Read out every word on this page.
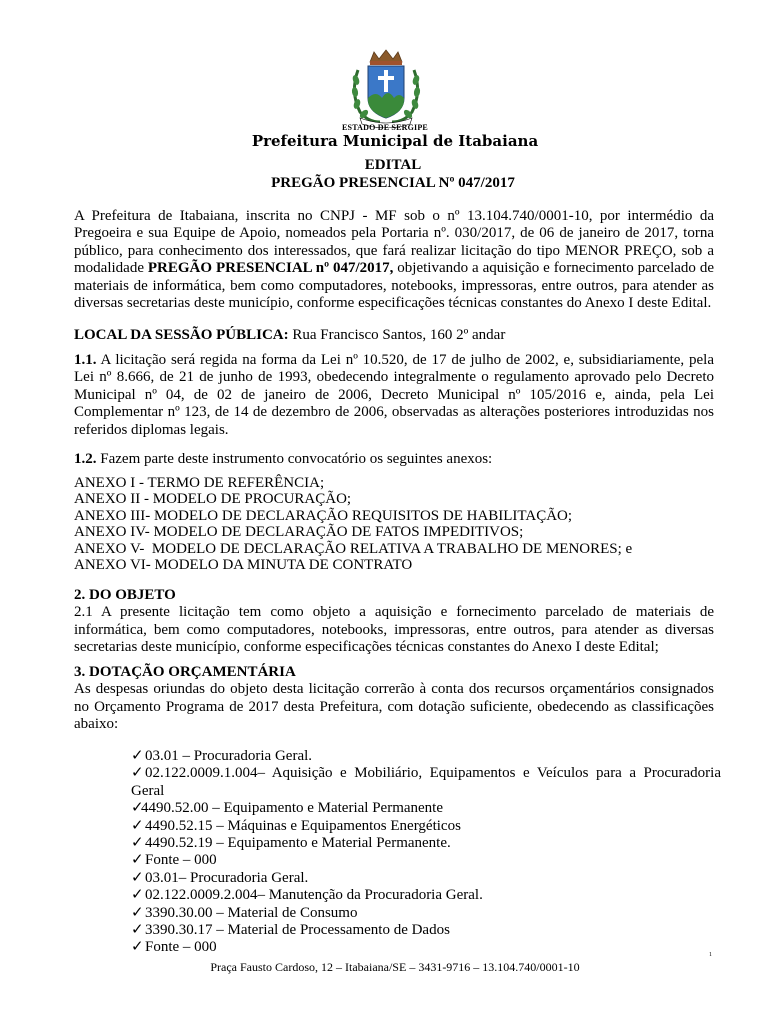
ESTADO DE SERGIPE
Prefeitura Municipal de Itabaiana
EDITAL
PREGÃO PRESENCIAL Nº 047/2017

A Prefeitura de Itabaiana, inscrita no CNPJ - MF sob o nº 13.104.740/0001-10, por intermédio da Pregoeira e sua Equipe de Apoio, nomeados pela Portaria nº. 030/2017, de 06 de janeiro de 2017, torna público, para conhecimento dos interessados, que fará realizar licitação do tipo MENOR PREÇO, sob a modalidade PREGÃO PRESENCIAL nº 047/2017, objetivando a aquisição e fornecimento parcelado de materiais de informática, bem como computadores, notebooks, impressoras, entre outros, para atender as diversas secretarias deste município, conforme especificações técnicas constantes do Anexo I deste Edital.

LOCAL DA SESSÃO PÚBLICA: Rua Francisco Santos, 160 2º andar

1.1. A licitação será regida na forma da Lei nº 10.520, de 17 de julho de 2002, e, subsidiariamente, pela Lei nº 8.666, de 21 de junho de 1993, obedecendo integralmente o regulamento aprovado pelo Decreto Municipal nº 04, de 02 de janeiro de 2006, Decreto Municipal nº 105/2016 e, ainda, pela Lei Complementar nº 123, de 14 de dezembro de 2006, observadas as alterações posteriores introduzidas nos referidos diplomas legais.

1.2. Fazem parte deste instrumento convocatório os seguintes anexos:

ANEXO I - TERMO DE REFERÊNCIA;

ANEXO II - MODELO DE PROCURAÇÃO;

ANEXO III- MODELO DE DECLARAÇÃO REQUISITOS DE HABILITAÇÃO;

ANEXO IV- MODELO DE DECLARAÇÃO DE FATOS IMPEDITIVOS;

ANEXO V-  MODELO DE DECLARAÇÃO RELATIVA A TRABALHO DE MENORES; e

ANEXO VI- MODELO DA MINUTA DE CONTRATO

2. DO OBJETO

2.1 A presente licitação tem como objeto a aquisição e fornecimento parcelado de materiais de informática, bem como computadores, notebooks, impressoras, entre outros, para atender as diversas secretarias deste município, conforme especificações técnicas constantes do Anexo I deste Edital;

3. DOTAÇÃO ORÇAMENTÁRIA

As despesas oriundas do objeto desta licitação correrão à conta dos recursos orçamentários consignados no Orçamento Programa de 2017 desta Prefeitura, com dotação suficiente, obedecendo as classificações abaixo:

✓ 03.01 – Procuradoria Geral.
✓ 02.122.0009.1.004– Aquisição e Mobiliário, Equipamentos e Veículos para a Procuradoria Geral
✓
4490.52.00 – Equipamento e Material Permanente
✓ 4490.52.15 – Máquinas e Equipamentos Energéticos
✓ 4490.52.19 – Equipamento e Material Permanente.
✓ Fonte – 000
✓ 03.01– Procuradoria Geral.
✓ 02.122.0009.2.004– Manutenção da Procuradoria Geral.
✓ 3390.30.00 – Material de Consumo
✓ 3390.30.17 – Material de Processamento de Dados
✓ Fonte – 000	1
Praça Fausto Cardoso, 12 – Itabaiana/SE – 3431-9716 – 13.104.740/0001-10
